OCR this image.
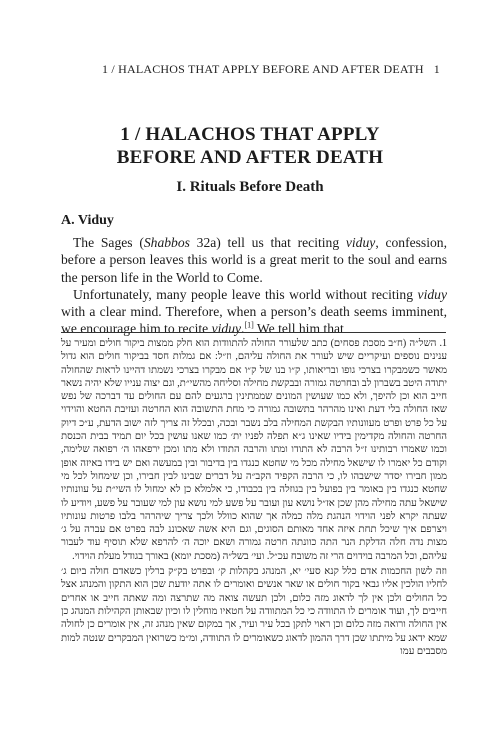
1 / HALACHOS THAT APPLY BEFORE AND AFTER DEATH 1
1 / HALACHOS THAT APPLY
BEFORE AND AFTER DEATH
I. Rituals Before Death
A. Viduy

The Sages (Shabbos 32a) tell us that reciting viduy, confession, before a person leaves this world is a great merit to the soul and earns the person life in the World to Come.

Unfortunately, many people leave this world without reciting viduy with a clear mind. Therefore, when a person’s death seems imminent, we encourage him to recite viduy.[1] We tell him that

1. השל״ה (ח״ב מסכת פסחים) כתב שלעורר החולה להתוודות הוא חלק ממצות ביקור חולים ומעיר על ענינים נוספים ועיקריים שיש לעורר את החולה עליהם, וז״ל: אם גמלות חסד בביקור חולים הוא גדול מאשר כשמבקרו בצרכי גופו ובריאותו, ק״ו בנו של ק״ו אם מבקרו בצרכי נשמתו דהיינו לראות שהחולה יתודה היטב בשברון לב ובחרטה גמורה ובבקשת מחילה וסליחה מהשי״ת, וגם יצוה ענייו שלא יהיה נשאר חייב הוא וכן להיפך, ולא כמו שעושין המונים שממתינין ברגעים להם עם החולים עד דברכה של נפש שאז החולה בלי דעת ואינו מהרהר בתשובה גמורה כי מחת התשובה הוא החרטה ועזיבת החטא והוידוי על כל פרט ופרט מעוונותיו הבקשת המחילה בלב נשבר ובכה, ובכלל זה צריך לזה ישוב הדעת, ע״כ דיוק החרטה והחולה מקדימין בידיו שאינו ג״א תפלה לפניו ית׳ כמו שאנו עושין בכל יום תמיד בבית הכנסת וכמו שאמרו רבותינו ז״ל הרבה לא התודו ומתו והרבה התודו ולא מתו ומכן ירפאהו ה׳ רפואה שלימה, וקודם כל יאמרו לו שישאל מחילה מכל מי שחטא כנגדו בין בדיבור ובין במעשה ואם יש בידו באיזה אופן ממון חבירו יסדר שישבהו לו, כי הרבה הקפיד הקב״ה על דברים שבינו לבין חבירו, וכן שימחול לכל מי שחטא כנגדו בין באומר בין בפועל בין בגוזלה בין בכבודו, כי אלמלא כן לא ימחול לו השי״ת על עוונותיו שישאל עתה מחילה מהן שכן אז״ל נושא עון ועובר על פשע למי נושא עון למי שעובר על פשע, ויודיע לו שעתה יקרא לפני הוידוי הנהגת מלה כמלה אך שהוא כוולל ולכך צריך שיהרהר בלבו פרטות עונותיו ויצרפם איך שיכל תחת איזה אחד מאותם הסוגים, וגם היא אשה שאכוננ לבה בפרט אם עברה על ג׳ מצות נדה חלה הדלקת הנר התה כוונתה חרטה גמורה ושאם יוכה ה׳ להרפא שלא תוסיף עוד לעבור עליהם, וכל המרבה בוידוים הרי זה משובח עכ״ל. ועי׳ בשל״ה (מסכת יומא) באורך בגודל מעלת הוידוי.

וזה לשון החכמות אדם כלל קנא סעי׳ יא, המנהג בקהלות ק׳ ובפרט בק״ק ברלין כשאדם חולה ביום ג׳ לחליו הולכין אליו גבאי בקור חולים או שאר אנשים ואומרים לו אתה יודעת שכן הוא התקון והמנהג אצל כל החולים ולכן אין לך לדאוג מזה כלום, ולכן תעשה צואה מה שתרצה ומה שאתה חייב או אחרים חייבים לך, ועוד אומרים לו התוודה כי כל המתוודה על חטאיו מוחלין לו וכיון שבאותן הקהילות המנהג כן אין החולה ורואה מזה כלום וכן ראוי לתקן בכל עיר ועיר, אך במקום שאין מנהג זה, אין אומרים כן לחולה שמא ידאג על מיתתו שכן דרך ההמון לדאוג כשאומרים לו התוודה, ומ״מ כשרואין המבקרים שנטה למות מסבבים עמו
